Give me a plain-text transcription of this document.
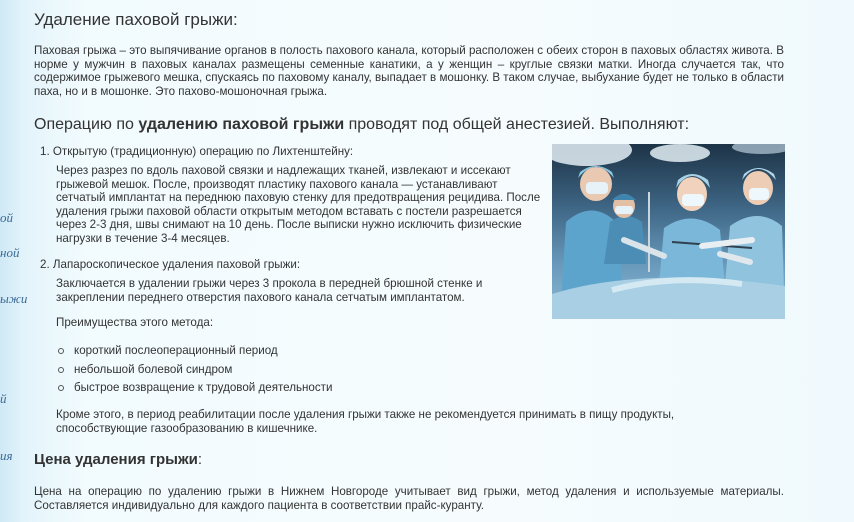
ой
ной
ыжи
й
ия
Удаление паховой грыжи:

Паховая грыжа – это выпячивание органов в полость пахового канала, который расположен с обеих сторон в паховых областях живота. В норме у мужчин в паховых каналах размещены семенные канатики, а у женщин – круглые связки матки. Иногда случается так, что содержимое грыжевого мешка, спускаясь по паховому каналу, выпадает в мошонку. В таком случае, выбухание будет не только в области паха, но и в мошонке. Это пахово-мошоночная грыжа.

Операцию по удалению паховой грыжи проводят под общей анестезией. Выполняют:
1. Открытую (традиционную) операцию по Лихтенштейну:

Через разрез по вдоль паховой связки и надлежащих тканей, извлекают и иссекают грыжевой мешок. После, производят пластику пахового канала — устанавливают сетчатый имплантат на переднюю паховую стенку для предотвращения рецидива. После удаления грыжи паховой области открытым методом вставать с постели разрешается через 2-3 дня, швы снимают на 10 день. После выписки нужно исключить физические нагрузки в течение 3-4 месяцев.

2. Лапароскопическое удаления паховой грыжи:

Заключается в удалении грыжи через 3 прокола в передней брюшной стенке и закреплении переднего отверстия пахового канала сетчатым имплантатом.

Преимущества этого метода:

короткий послеоперационный период
небольшой болевой синдром
быстрое возвращение к трудовой деятельности

Кроме этого, в период реабилитации после удаления грыжи также не рекомендуется принимать в пищу продукты, способствующие газообразованию в кишечнике.

Цена удаления грыжи:

Цена на операцию по удалению грыжи в Нижнем Новгороде учитывает вид грыжи, метод удаления и используемые материалы. Составляется индивидуально для каждого пациента в соответствии прайс-куранту.
